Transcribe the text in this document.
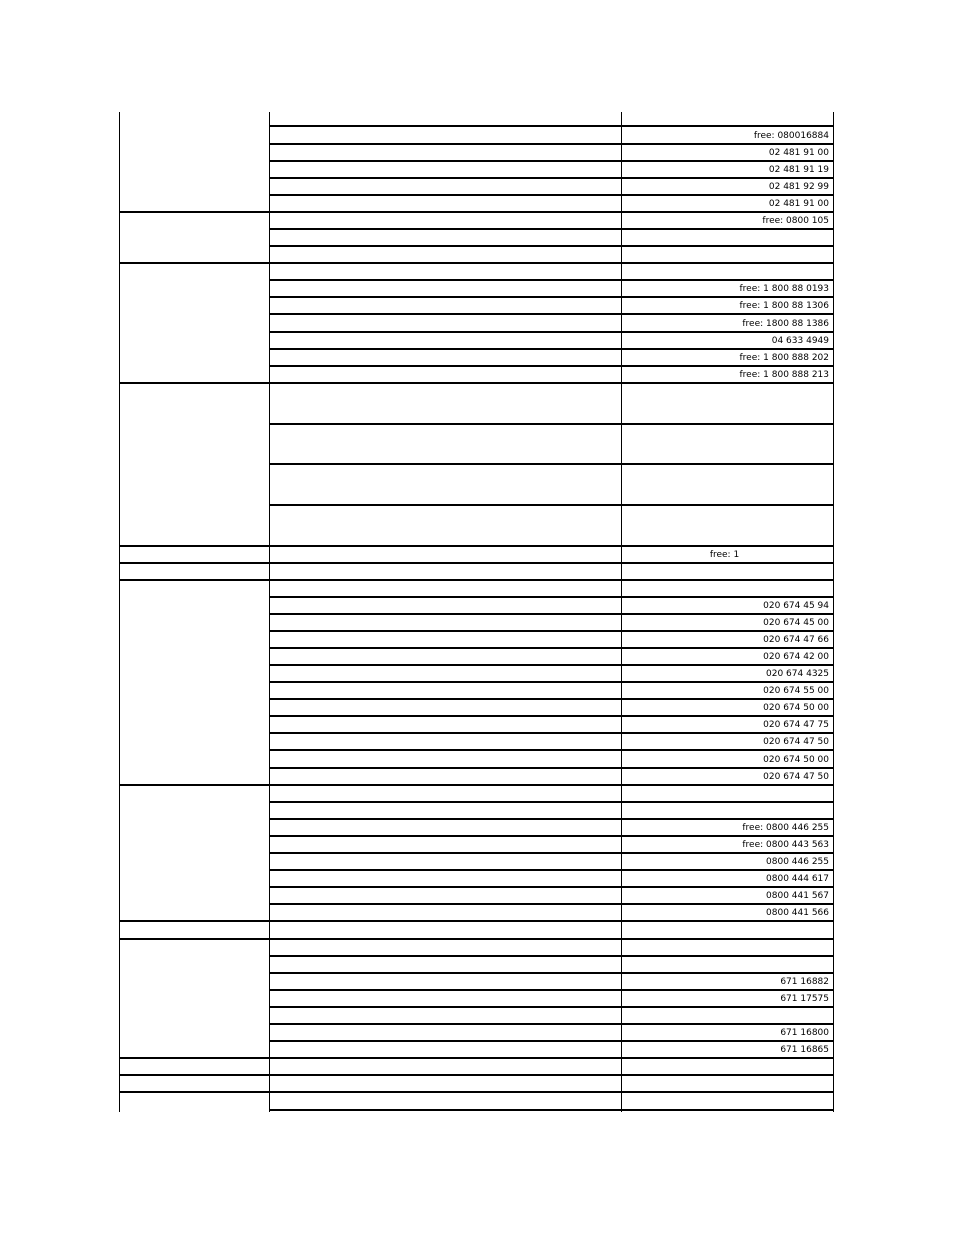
free: 080016884
02 481 91 00
02 481 91 19
02 481 92 99
02 481 91 00
free: 0800 105
free: 1 800 88 0193
free: 1 800 88 1306
free: 1800 88 1386
04 633 4949
free: 1 800 888 202
free: 1 800 888 213
free: 1
020 674 45 94
020 674 45 00
020 674 47 66
020 674 42 00
020 674 4325
020 674 55 00
020 674 50 00
020 674 47 75
020 674 47 50
020 674 50 00
020 674 47 50
free: 0800 446 255
free: 0800 443 563
0800 446 255
0800 444 617
0800 441 567
0800 441 566
671 16882
671 17575
671 16800
671 16865
